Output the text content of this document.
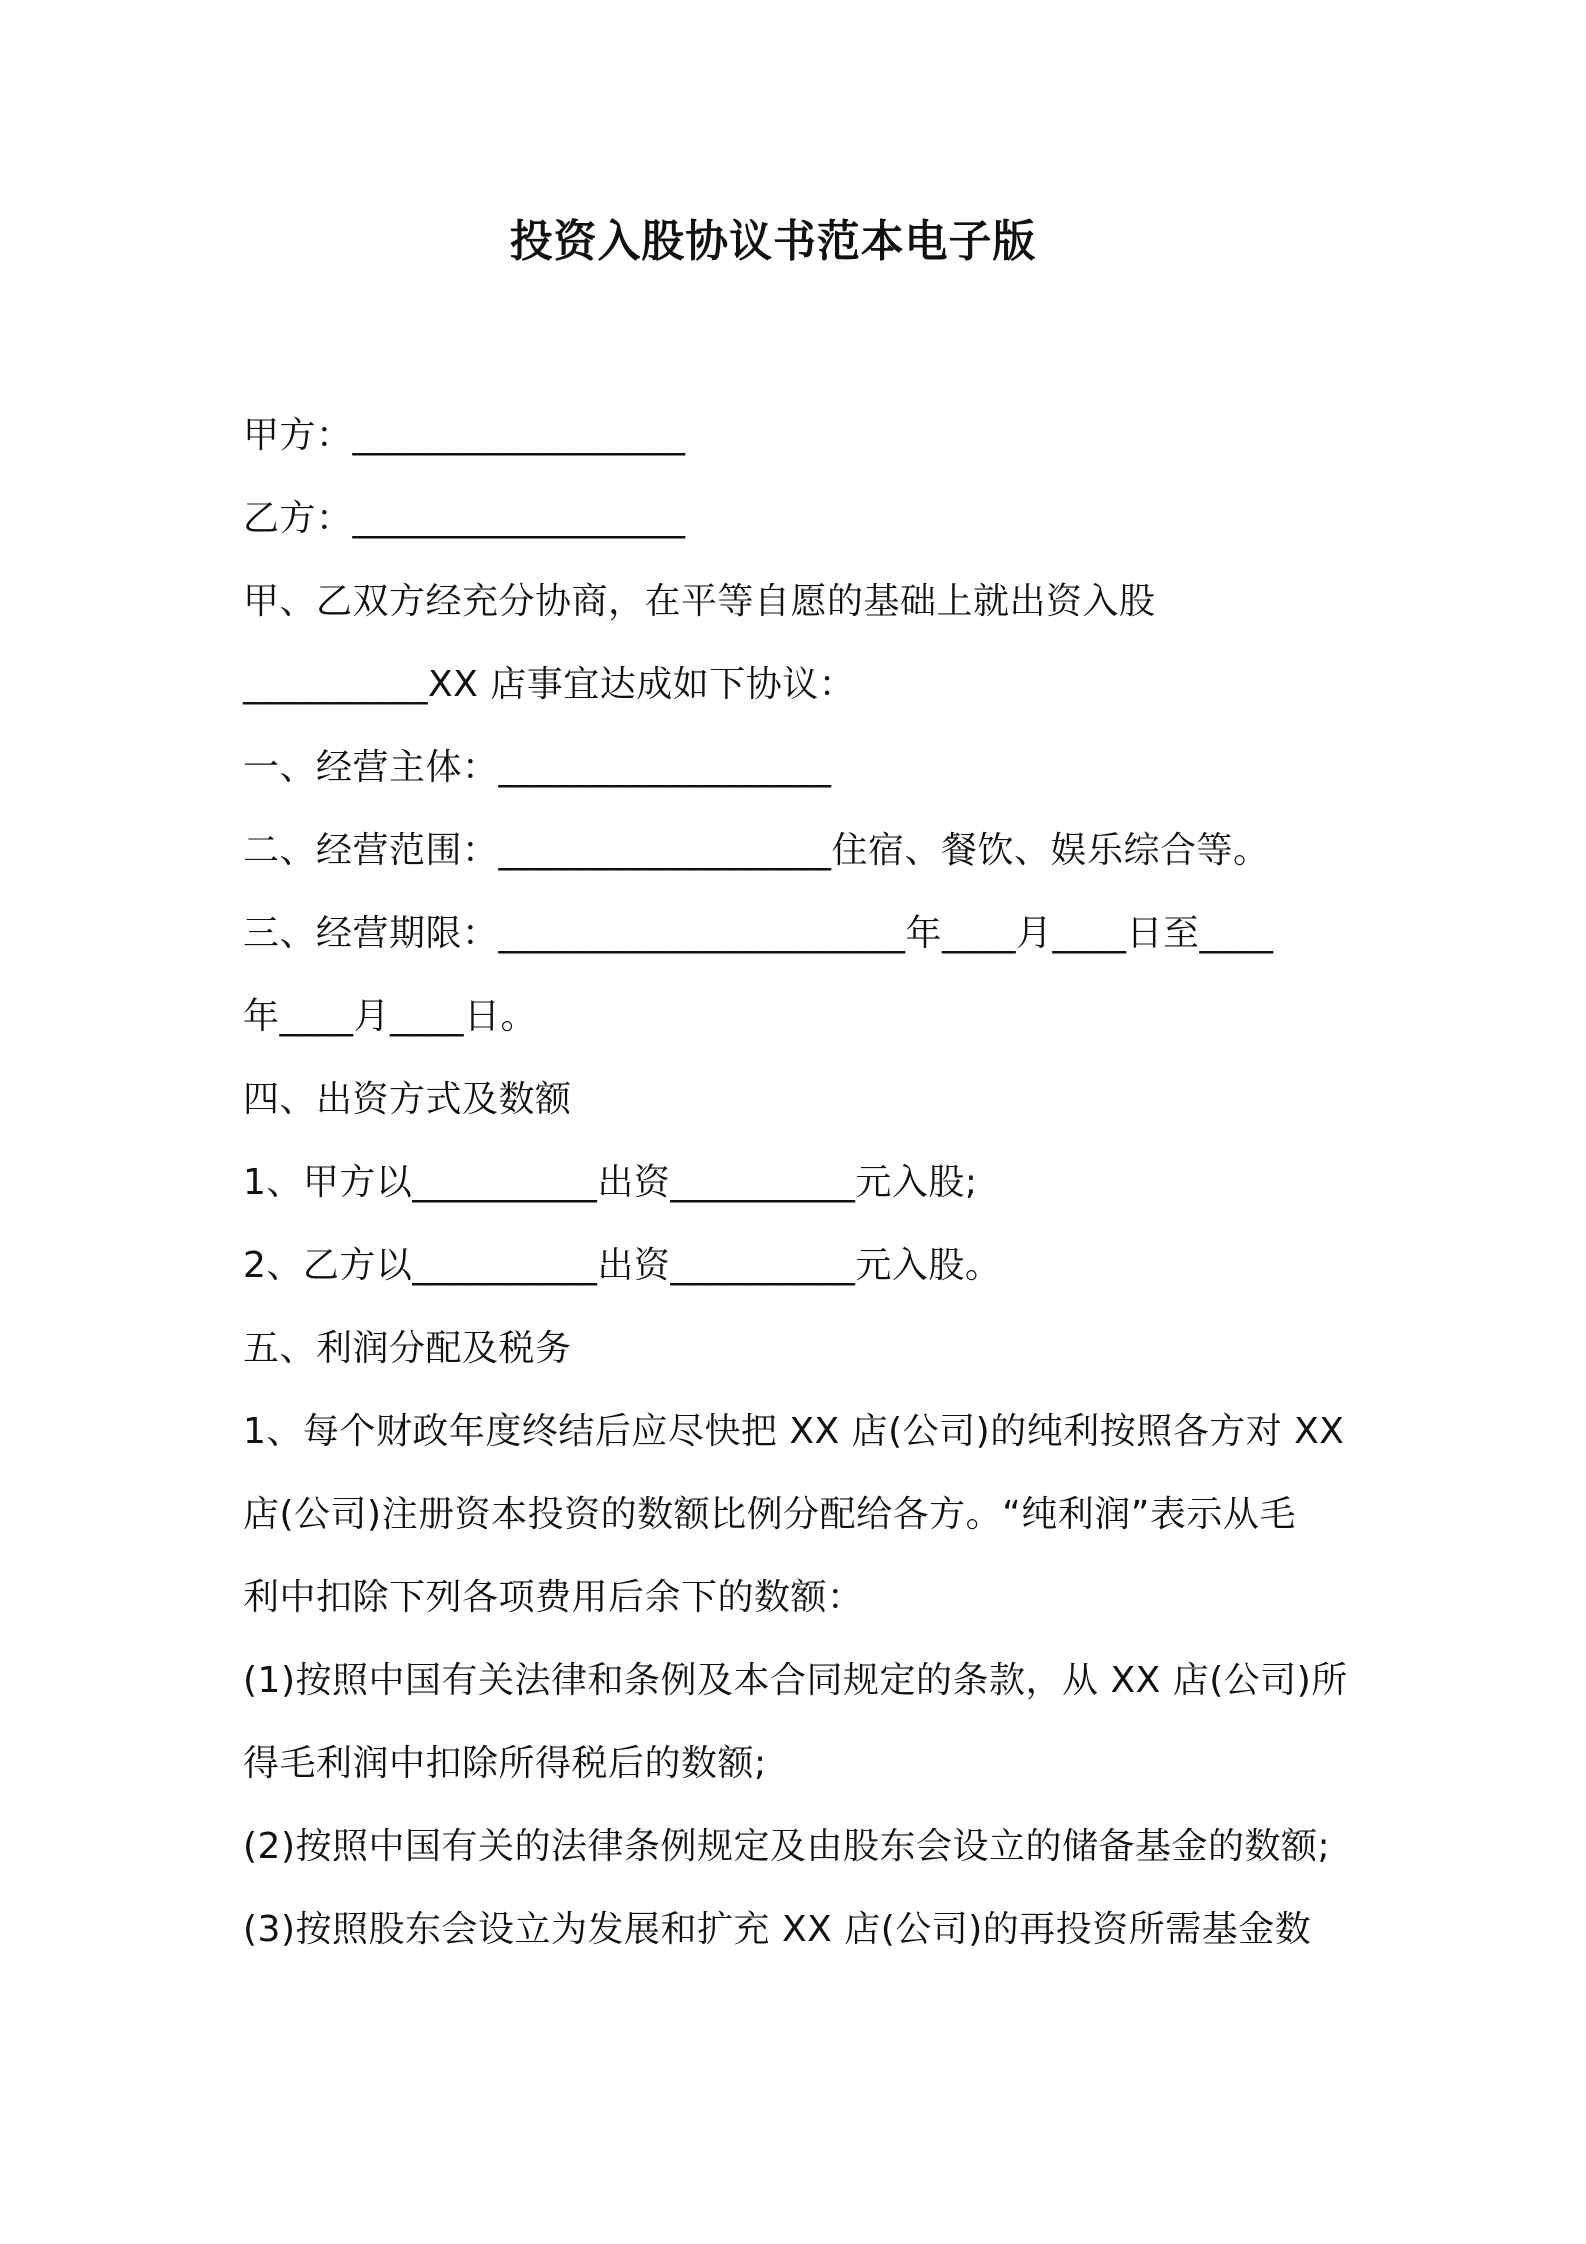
投资入股协议书范本电子版
甲方：__________________
乙方：__________________
甲、乙双方经充分协商，在平等自愿的基础上就出资入股
__________XX 店事宜达成如下协议：
一、经营主体：__________________
二、经营范围：__________________住宿、餐饮、娱乐综合等。
三、经营期限：______________________年____月____日至____
年____月____日。
四、出资方式及数额
1、甲方以__________出资__________元入股;
2、乙方以__________出资__________元入股。
五、利润分配及税务
1、每个财政年度终结后应尽快把 XX 店(公司)的纯利按照各方对 XX
店(公司)注册资本投资的数额比例分配给各方。“纯利润”表示从毛
利中扣除下列各项费用后余下的数额：
(1)按照中国有关法律和条例及本合同规定的条款，从 XX 店(公司)所
得毛利润中扣除所得税后的数额;
(2)按照中国有关的法律条例规定及由股东会设立的储备基金的数额;
(3)按照股东会设立为发展和扩充 XX 店(公司)的再投资所需基金数
